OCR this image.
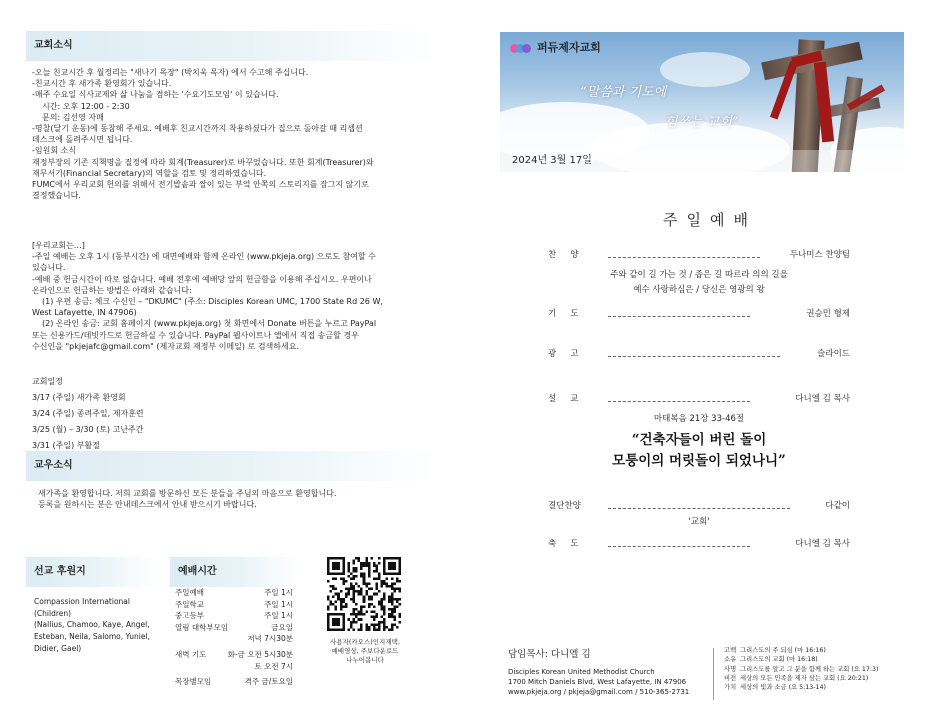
교회소식
-오늘 친교시간 후 월정리는 "새나기 목장" (박치욱 목자) 에서 수고해 주십니다.
-친교시간 후 새가족 환영회가 있습니다.
-매주 수요일 식사교제와 삶 나눔을 겸하는 '수요기도모임' 이 있습니다.
시간: 오후 12:00 - 2:30
문의: 김선영 자매
-명찰(달기 운동)에 동참해 주세요. 예배후 친교시간까지 착용하셨다가 집으로 돌아갈 때 리셉션
데스크에 돌려주시면 됩니다.
-임원회 소식
재정부장의 기존 직책명을 질정에 따라 회계(Treasurer)로 바꾸었습니다. 또한 회계(Treasurer)와
재무서기(Financial Secretary)의 역할을 검토 및 정리하였습니다.
FUMC에서 우리교회 헌의를 위해서 전기밥솥과 쌀이 있는 부엌 안쪽의 스토리지를 잠그지 않기로
결정했습니다.
[우리교회는…]
-주일 예배는 오후 1시 (동부시간) 에 대면예배와 함께 온라인 (www.pkjeja.org) 으로도 참여할 수
있습니다.
-예배 중 헌금시간이 따로 없습니다. 예배 전후에 예배당 앞의 헌금함을 이용해 주십시오. 우편이나
온라인으로 헌금하는 방법은 아래와 같습니다:
(1) 우편 송금: 체크 수신인 – "DKUMC" (주소: Disciples Korean UMC, 1700 State Rd 26 W,
West Lafayette, IN 47906)
(2) 온라인 송금: 교회 홈페이지 (www.pkjeja.org) 첫 화면에서 Donate 버튼을 누르고 PayPal
또는 신용카드/데빗카드로 헌금하실 수 있습니다. PayPal 웹사이트나 앱에서 직접 송금할 경우
수신인을 "pkjejafc@gmail.com" (제자교회 재정부 이메일) 로 검색하세요.
교회일정
3/17 (주일) 새가족 환영회
3/24 (주일) 종려주일, 제자훈련
3/25 (월) – 3/30 (토) 고난주간
3/31 (주일) 부활절
교우소식
새가족을 환영합니다. 저희 교회를 방문하신 모든 분들을 주님의 마음으로 환영합니다.
등록을 원하시는 분은 안내데스크에서 안내 받으시기 바랍니다.
선교 후원지
Compassion International
(Children)
(Nallius, Chamoo, Kaye, Angel,
Esteban, Neila, Salomo, Yuniel,
Didier, Gael)
예배시간
주일예배	주일 1시
주일학교	주일 1시
중고등부	주일 1시
열림 대학부모임	금요일
저녁 7시30분
새벽 기도	화-금 오전 5시30분
토 오전 7시
목장별모임	격주 금/토요일
사용자(카오스)인지재택,
예배영상, 주보다운로드
나누어봅니다
퍼듀제자교회
“말씀과 기도에
힘쓰는 교회”
2024년 3월 17일
주일예배
찬양	두나미스 찬양팀
주와 같이 길 가는 것 / 좁은 길 따르라 의의 길을
예수 사랑하심은 / 당신은 영광의 왕
기도	권승민 형제
광고	슬라이드
설교	다니엘 김 목사
마태복음 21장 33-46절
“건축자들이 버린 돌이
모퉁이의 머릿돌이 되었나니”
결단찬양	다같이
'교회'
축도	다니엘 김 목사
담임목사: 다니엘 김
Disciples Korean United Methodist Church
1700 Mitch Daniels Blvd, West Lafayette, IN 47906
www.pkjeja.org / pkjeja@gmail.com / 510-365-2731
고백 그리스도의 주 되심 (마 16:16)
소유 그리스도의 교회 (마 16:18)
사명 그리스도를 알고 그 분을 함께 하는 교회 (요 17:3)
비전 세상의 모든 민족을 제자 삼는 교회 (요 20:21)
가치 세상의 빛과 소금 (요 5:13-14)
